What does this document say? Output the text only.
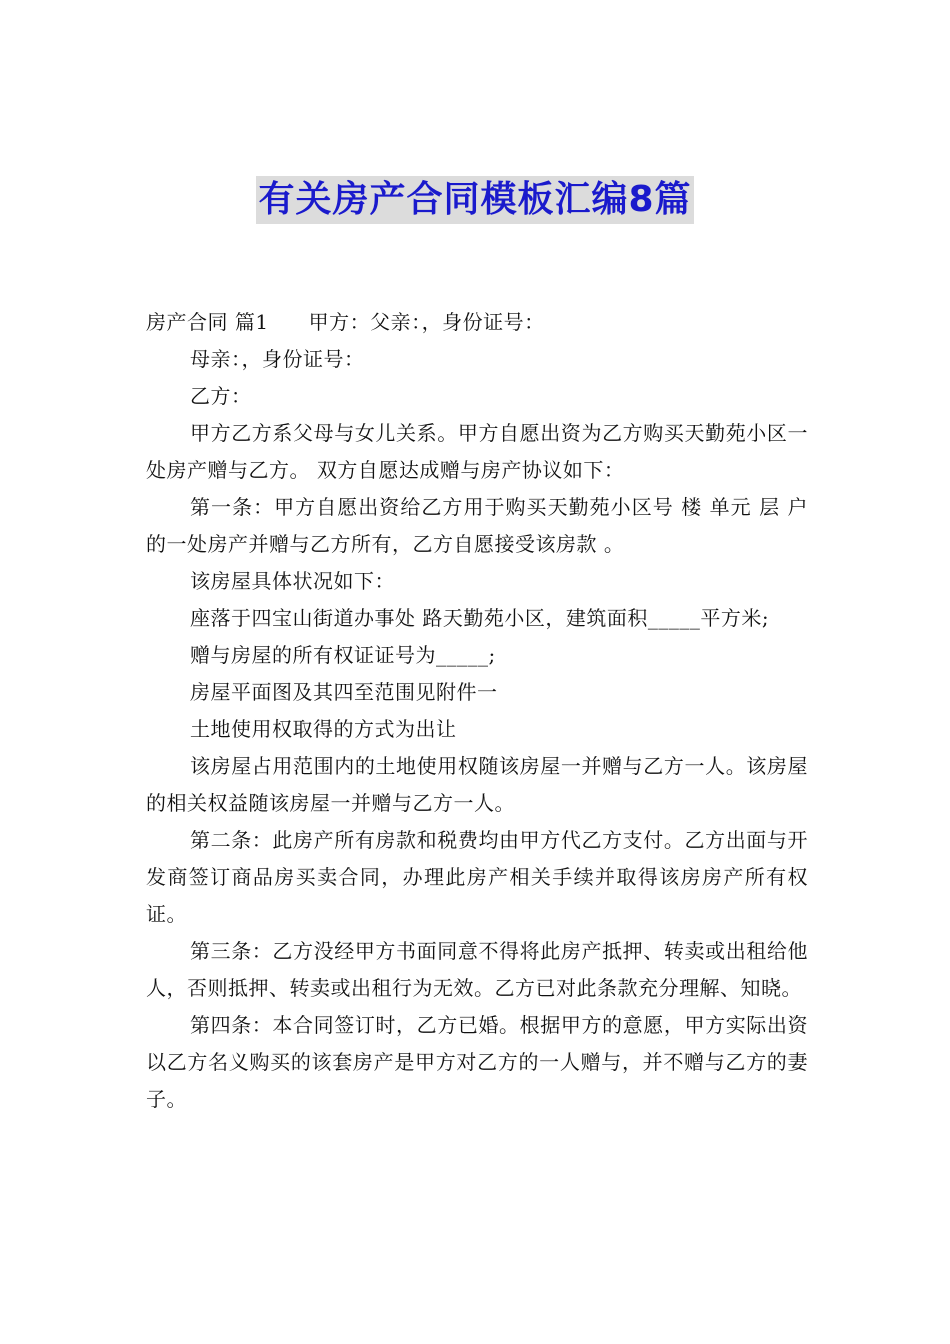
有关房产合同模板汇编8篇

房产合同 篇1 甲方：父亲：，身份证号：

母亲：，身份证号：

乙方：

甲方乙方系父母与女儿关系。甲方自愿出资为乙方购买天勤苑小区一处房产赠与乙方。 双方自愿达成赠与房产协议如下：

第一条：甲方自愿出资给乙方用于购买天勤苑小区号 楼 单元 层 户的一处房产并赠与乙方所有，乙方自愿接受该房款 。

该房屋具体状况如下：

座落于四宝山街道办事处 路天勤苑小区，建筑面积_____平方米;

赠与房屋的所有权证证号为_____;

房屋平面图及其四至范围见附件一

土地使用权取得的方式为出让

该房屋占用范围内的土地使用权随该房屋一并赠与乙方一人。该房屋的相关权益随该房屋一并赠与乙方一人。

第二条：此房产所有房款和税费均由甲方代乙方支付。乙方出面与开发商签订商品房买卖合同，办理此房产相关手续并取得该房房产所有权证。

第三条：乙方没经甲方书面同意不得将此房产抵押、转卖或出租给他人，否则抵押、转卖或出租行为无效。乙方已对此条款充分理解、知晓。

第四条：本合同签订时，乙方已婚。根据甲方的意愿，甲方实际出资以乙方名义购买的该套房产是甲方对乙方的一人赠与，并不赠与乙方的妻子。
